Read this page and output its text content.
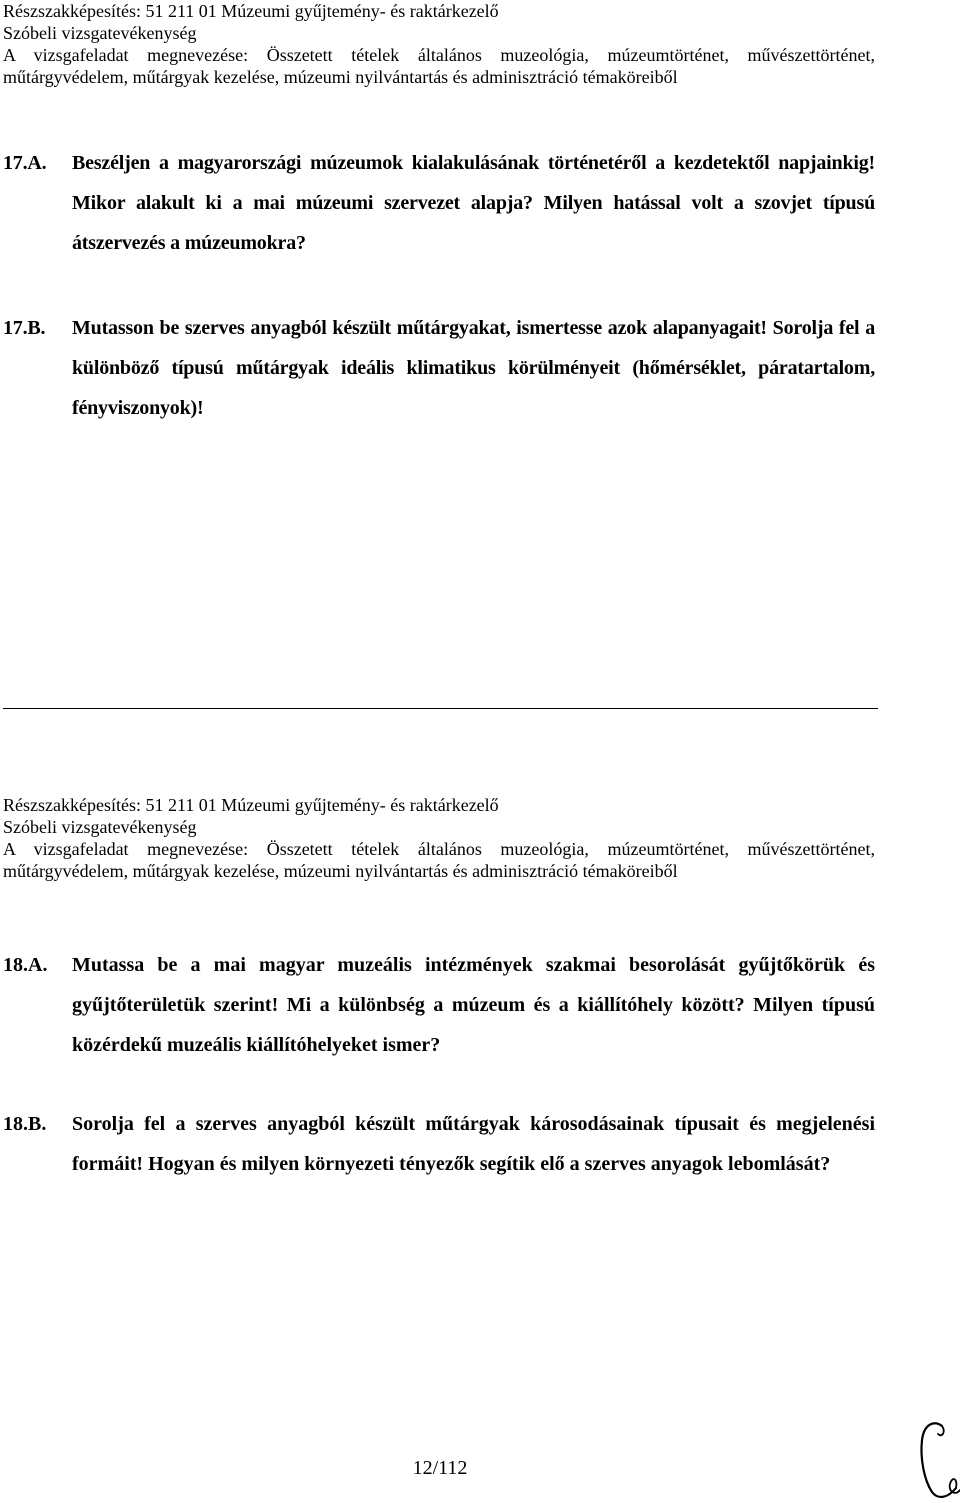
Részszakképesítés: 51 211 01 Múzeumi gyűjtemény- és raktárkezelő
Szóbeli vizsgatevékenység
A vizsgafeladat megnevezése: Összetett tételek általános muzeológia, múzeumtörténet, művészettörténet,
műtárgyvédelem, műtárgyak kezelése, múzeumi nyilvántartás és adminisztráció témaköreiből
17.A. Beszéljen a magyarországi múzeumok kialakulásának történetéről a kezdetektől napjainkig! Mikor alakult ki a mai múzeumi szervezet alapja? Milyen hatással volt a szovjet típusú átszervezés a múzeumokra?
17.B. Mutasson be szerves anyagból készült műtárgyakat, ismertesse azok alapanyagait! Sorolja fel a különböző típusú műtárgyak ideális klimatikus körülményeit (hőmérséklet, páratartalom, fényviszonyok)!
Részszakképesítés: 51 211 01 Múzeumi gyűjtemény- és raktárkezelő
Szóbeli vizsgatevékenység
A vizsgafeladat megnevezése: Összetett tételek általános muzeológia, múzeumtörténet, művészettörténet,
műtárgyvédelem, műtárgyak kezelése, múzeumi nyilvántartás és adminisztráció témaköreiből
18.A. Mutassa be a mai magyar muzeális intézmények szakmai besorolását gyűjtőkörük és gyűjtőterületük szerint! Mi a különbség a múzeum és a kiállítóhely között? Milyen típusú közérdekű muzeális kiállítóhelyeket ismer?
18.B. Sorolja fel a szerves anyagból készült műtárgyak károsodásainak típusait és megjelenési formáit! Hogyan és milyen környezeti tényezők segítik elő a szerves anyagok lebomlását?
12/112
